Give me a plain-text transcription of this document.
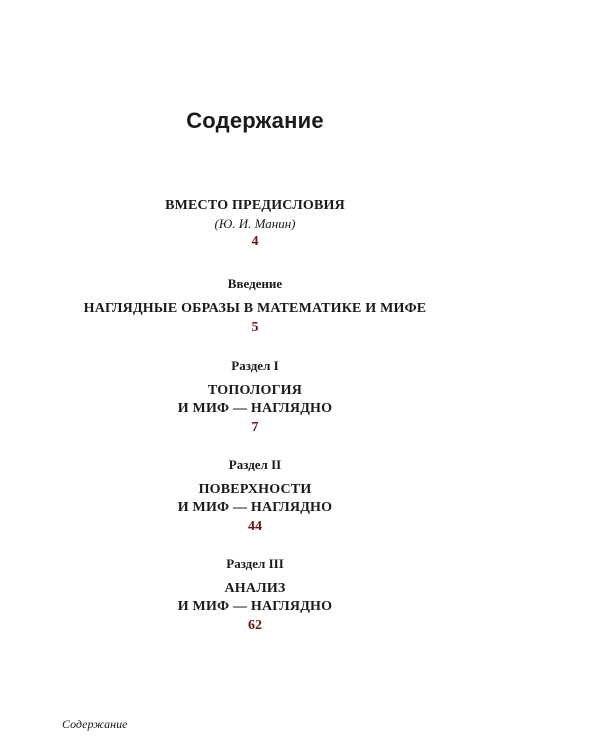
Содержание
ВМЕСТО ПРЕДИСЛОВИЯ
(Ю. И. Манин)
4
Введение
НАГЛЯДНЫЕ ОБРАЗЫ В МАТЕМАТИКЕ И МИФЕ
5
Раздел I
ТОПОЛОГИЯ
И МИФ — НАГЛЯДНО
7
Раздел II
ПОВЕРХНОСТИ
И МИФ — НАГЛЯДНО
44
Раздел III
АНАЛИЗ
И МИФ — НАГЛЯДНО
62
Содержание
